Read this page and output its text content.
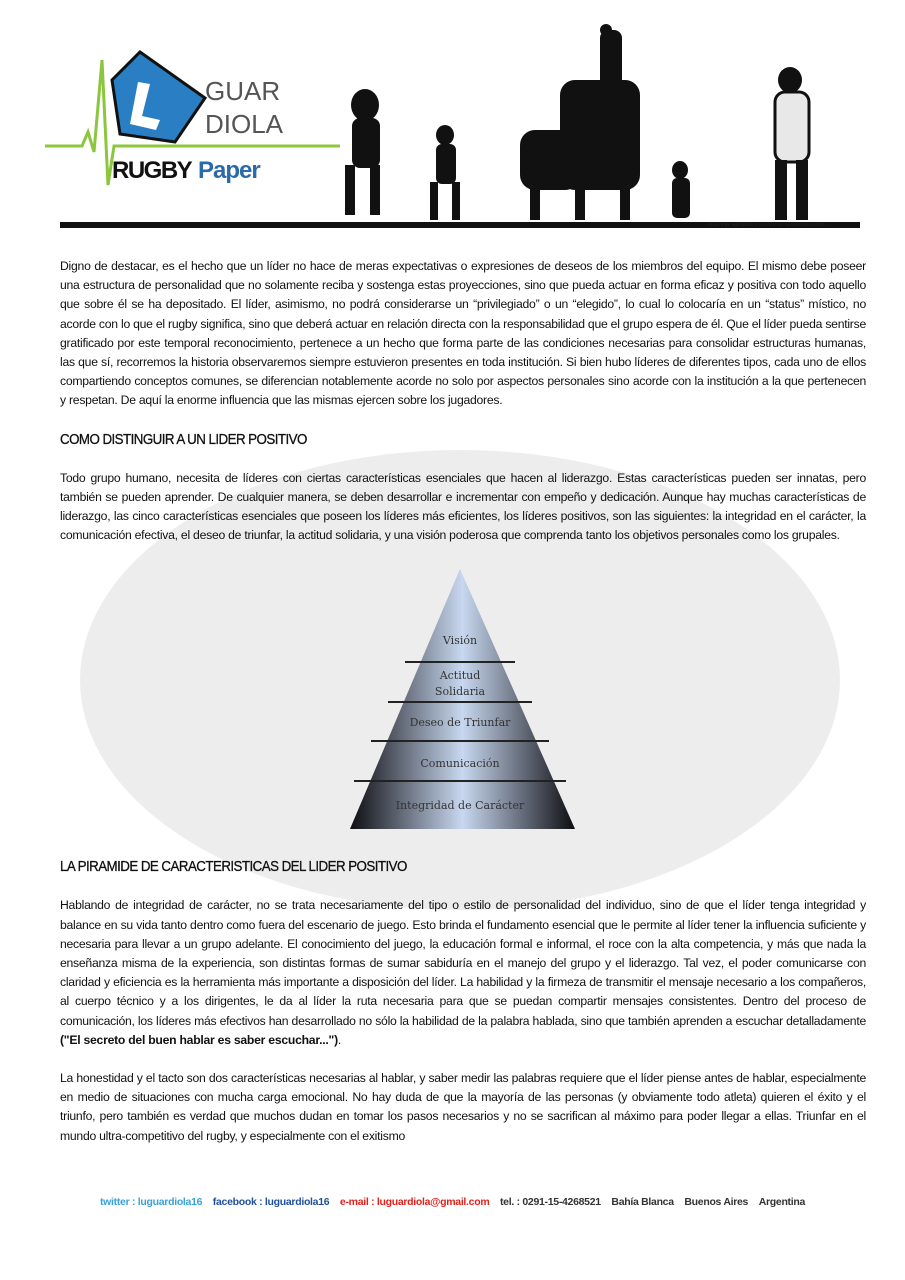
GUAR
DIOLA
RUGBY Paper
Uní el traje apropiado y el papel se representará solo...

Digno de destacar, es el hecho que un líder no hace de meras expectativas o expresiones de deseos de los miembros del equipo. El mismo debe poseer una estructura de personalidad que no solamente reciba y sostenga estas proyecciones, sino que pueda actuar en forma eficaz y positiva con todo aquello que sobre él se ha depositado. El líder, asimismo, no podrá considerarse un “privilegiado” o un “elegido”, lo cual lo colocaría en un “status” místico, no acorde con lo que el rugby significa, sino que deberá actuar en relación directa con la responsabilidad que el grupo espera de él. Que el líder pueda sentirse gratificado por este temporal reconocimiento, pertenece a un hecho que forma parte de las condiciones necesarias para consolidar estructuras humanas, las que sí, recorremos la historia observaremos siempre estuvieron presentes en toda institución. Si bien hubo líderes de diferentes tipos, cada uno de ellos compartiendo conceptos comunes, se diferencian notablemente acorde no solo por aspectos personales sino acorde con la institución a la que pertenecen y respetan. De aquí la enorme influencia que las mismas ejercen sobre los jugadores.

COMO DISTINGUIR A UN LIDER POSITIVO

Todo grupo humano, necesita de líderes con ciertas características esenciales que hacen al liderazgo. Estas características pueden ser innatas, pero también se pueden aprender. De cualquier manera, se deben desarrollar e incrementar con empeño y dedicación. Aunque hay muchas características de liderazgo, las cinco características esenciales que poseen los líderes más eficientes, los líderes positivos, son las siguientes: la integridad en el carácter, la comunicación efectiva, el deseo de triunfar, la actitud solidaria, y una visión poderosa que comprenda tanto los objetivos personales como los grupales.

Visión
Actitud
Solidaria
Deseo de Triunfar
Comunicación
Integridad de Carácter
LA PIRAMIDE DE CARACTERISTICAS DEL LIDER POSITIVO

Hablando de integridad de carácter, no se trata necesariamente del tipo o estilo de personalidad del individuo, sino de que el líder tenga integridad y balance en su vida tanto dentro como fuera del escenario de juego. Esto brinda el fundamento esencial que le permite al líder tener la influencia suficiente y necesaria para llevar a un grupo adelante. El conocimiento del juego, la educación formal e informal, el roce con la alta competencia, y más que nada la enseñanza misma de la experiencia, son distintas formas de sumar sabiduría en el manejo del grupo y el liderazgo. Tal vez, el poder comunicarse con claridad y eficiencia es la herramienta más importante a disposición del líder. La habilidad y la firmeza de transmitir el mensaje necesario a los compañeros, al cuerpo técnico y a los dirigentes, le da al líder la ruta necesaria para que se puedan compartir mensajes consistentes. Dentro del proceso de comunicación, los líderes más efectivos han desarrollado no sólo la habilidad de la palabra hablada, sino que también aprenden a escuchar detalladamente ("El secreto del buen hablar es saber escuchar...").

La honestidad y el tacto son dos características necesarias al hablar, y saber medir las palabras requiere que el líder piense antes de hablar, especialmente en medio de situaciones con mucha carga emocional. No hay duda de que la mayoría de las personas (y obviamente todo atleta) quieren el éxito y el triunfo, pero también es verdad que muchos dudan en tomar los pasos necesarios y no se sacrifican al máximo para poder llegar a ellas. Triunfar en el mundo ultra-competitivo del rugby, y especialmente con el exitismo

twitter : luguardiola16 facebook : luguardiola16 e-mail : luguardiola@gmail.com tel. : 0291-15-4268521 Bahía Blanca Buenos Aires Argentina
